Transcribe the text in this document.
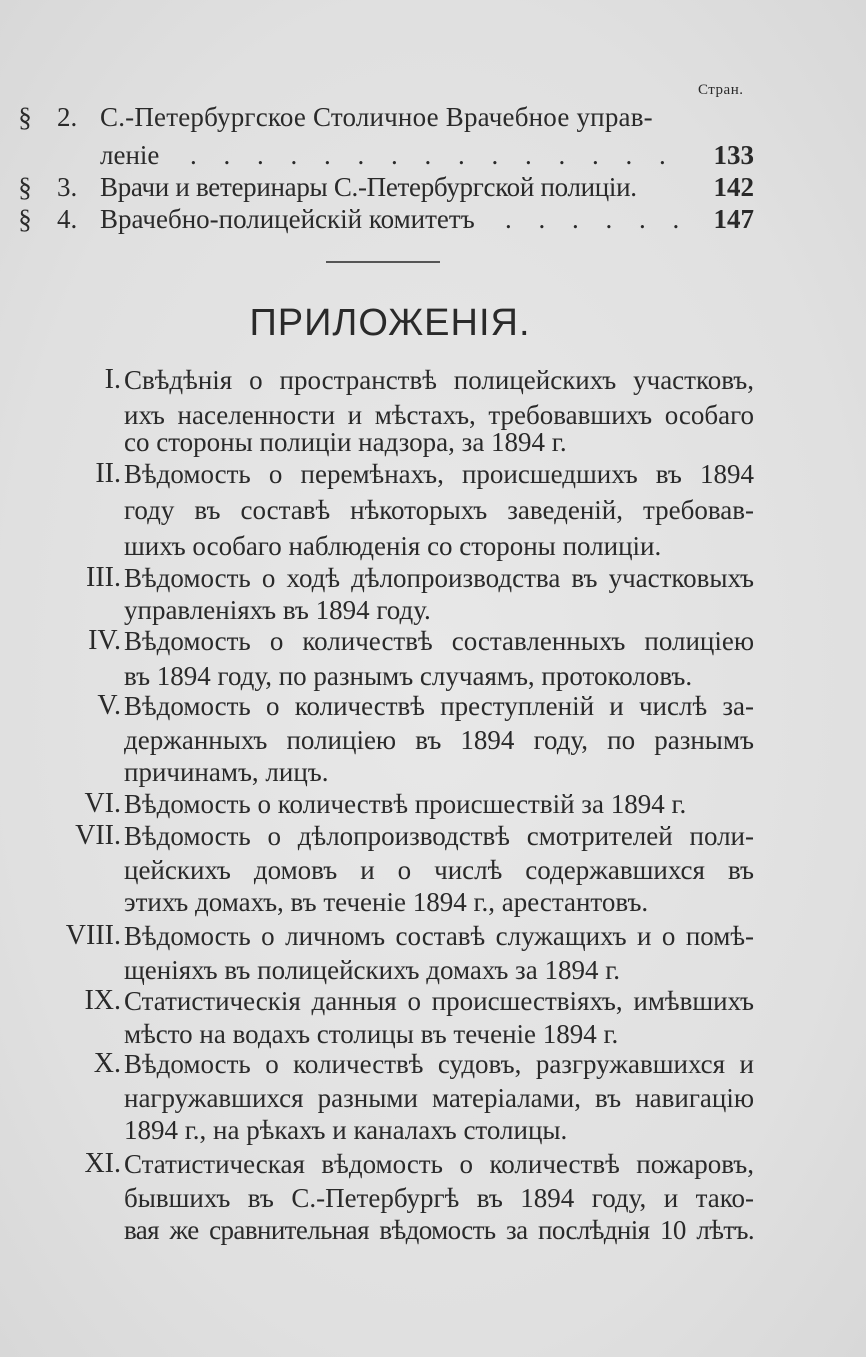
Стран.
§ 2. С.-Петербургское Столичное Врачебное управ-
леніе . . . . . . . . . . . . . . . 133
§ 3. Врачи и ветеринары С.-Петербургской полиціи.	142
§ 4. Врачебно-полицейскій комитетъ . . . . . . 147
ПРИЛОЖЕНІЯ.
I. Свѣдѣнія о пространствѣ полицейскихъ участковъ,
ихъ населенности и мѣстахъ, требовавшихъ особаго
со стороны полиціи надзора, за 1894 г.
II. Вѣдомость о перемѣнахъ, происшедшихъ въ 1894
году въ составѣ нѣкоторыхъ заведеній, требовав-
шихъ особаго наблюденія со стороны полиціи.
III. Вѣдомость о ходѣ дѣлопроизводства въ участковыхъ
управленіяхъ въ 1894 году.
IV. Вѣдомость о количествѣ составленныхъ полиціею
въ 1894 году, по разнымъ случаямъ, протоколовъ.
V. Вѣдомость о количествѣ преступленій и числѣ за-
держанныхъ полиціею въ 1894 году, по разнымъ
причинамъ, лицъ.
VI. Вѣдомость о количествѣ происшествій за 1894 г.
VII. Вѣдомость о дѣлопроизводствѣ смотрителей поли-
цейскихъ домовъ и о числѣ содержавшихся въ
этихъ домахъ, въ теченіе 1894 г., арестантовъ.
VIII. Вѣдомость о личномъ составѣ служащихъ и о помѣ-
щеніяхъ въ полицейскихъ домахъ за 1894 г.
IX. Статистическія данныя о происшествіяхъ, имѣвшихъ
мѣсто на водахъ столицы въ теченіе 1894 г.
X. Вѣдомость о количествѣ судовъ, разгружавшихся и
нагружавшихся разными матеріалами, въ навигацію
1894 г., на рѣкахъ и каналахъ столицы.
XI. Статистическая вѣдомость о количествѣ пожаровъ,
бывшихъ въ С.-Петербургѣ въ 1894 году, и тако-
вая же сравнительная вѣдомость за послѣднія 10 лѣтъ.
